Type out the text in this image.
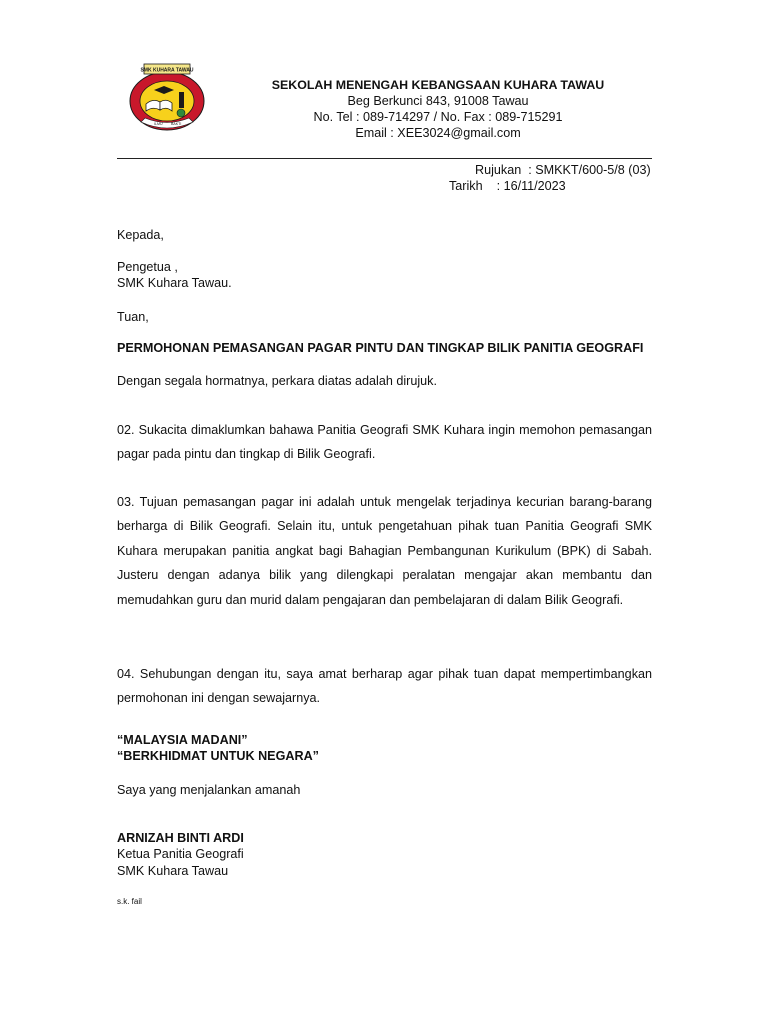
ILMU BAKTI
SMK KUHARA TAWAU
SEKOLAH MENENGAH KEBANGSAAN KUHARA TAWAU
Beg Berkunci 843, 91008 Tawau
No. Tel : 089-714297 / No. Fax : 089-715291
Email : XEE3024@gmail.com
Rujukan  : SMKKT/600-5/8 (03)
Tarikh    : 16/11/2023

Kepada,

Pengetua ,

SMK Kuhara Tawau.

Tuan,

PERMOHONAN PEMASANGAN PAGAR PINTU DAN TINGKAP BILIK PANITIA GEOGRAFI

Dengan segala hormatnya, perkara diatas adalah dirujuk.

02. Sukacita dimaklumkan bahawa Panitia Geografi SMK Kuhara ingin memohon pemasangan pagar pada pintu dan tingkap di Bilik Geografi.

03. Tujuan pemasangan pagar ini adalah untuk mengelak terjadinya kecurian barang-barang berharga di Bilik Geografi. Selain itu, untuk pengetahuan pihak tuan Panitia Geografi SMK Kuhara merupakan panitia angkat bagi Bahagian Pembangunan Kurikulum (BPK) di Sabah. Justeru dengan adanya bilik yang dilengkapi peralatan mengajar akan membantu dan memudahkan guru dan murid dalam pengajaran dan pembelajaran di dalam Bilik Geografi.

04. Sehubungan dengan itu, saya amat berharap agar pihak tuan dapat mempertimbangkan permohonan ini dengan sewajarnya.

“MALAYSIA MADANI”

“BERKHIDMAT UNTUK NEGARA”

Saya yang menjalankan amanah

ARNIZAH BINTI ARDI

Ketua Panitia Geografi

SMK Kuhara Tawau

s.k. fail
